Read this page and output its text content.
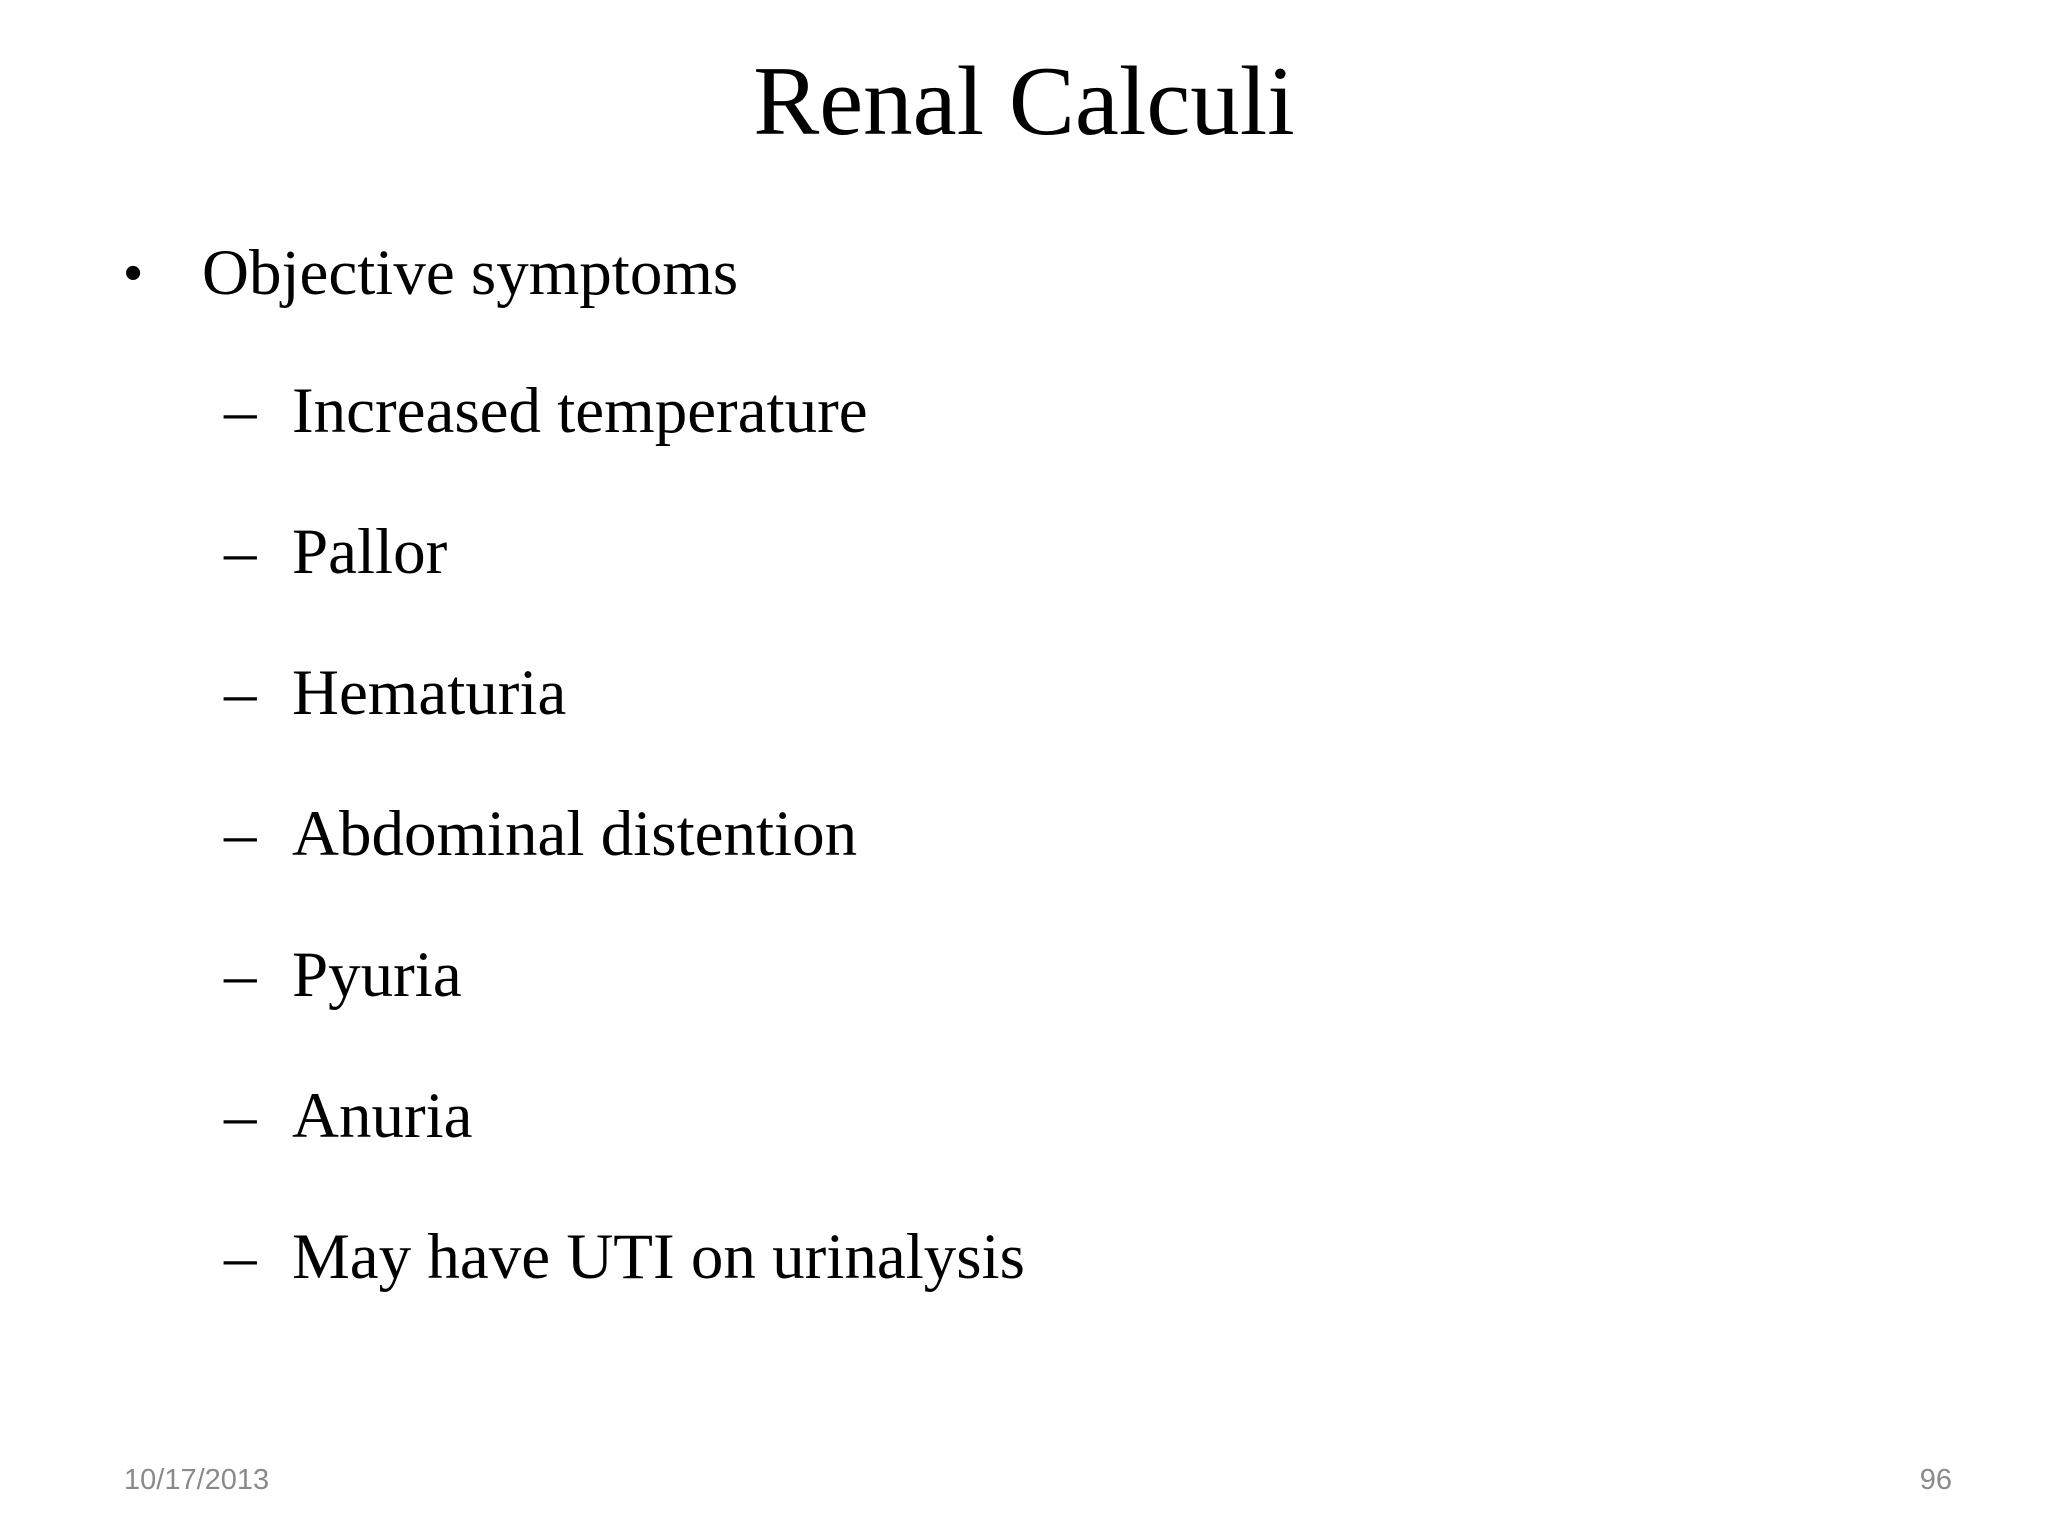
Renal Calculi
• Objective symptoms
– Increased temperature
– Pallor
– Hematuria
– Abdominal distention
– Pyuria
– Anuria
– May have UTI on urinalysis
10/17/2013	96
